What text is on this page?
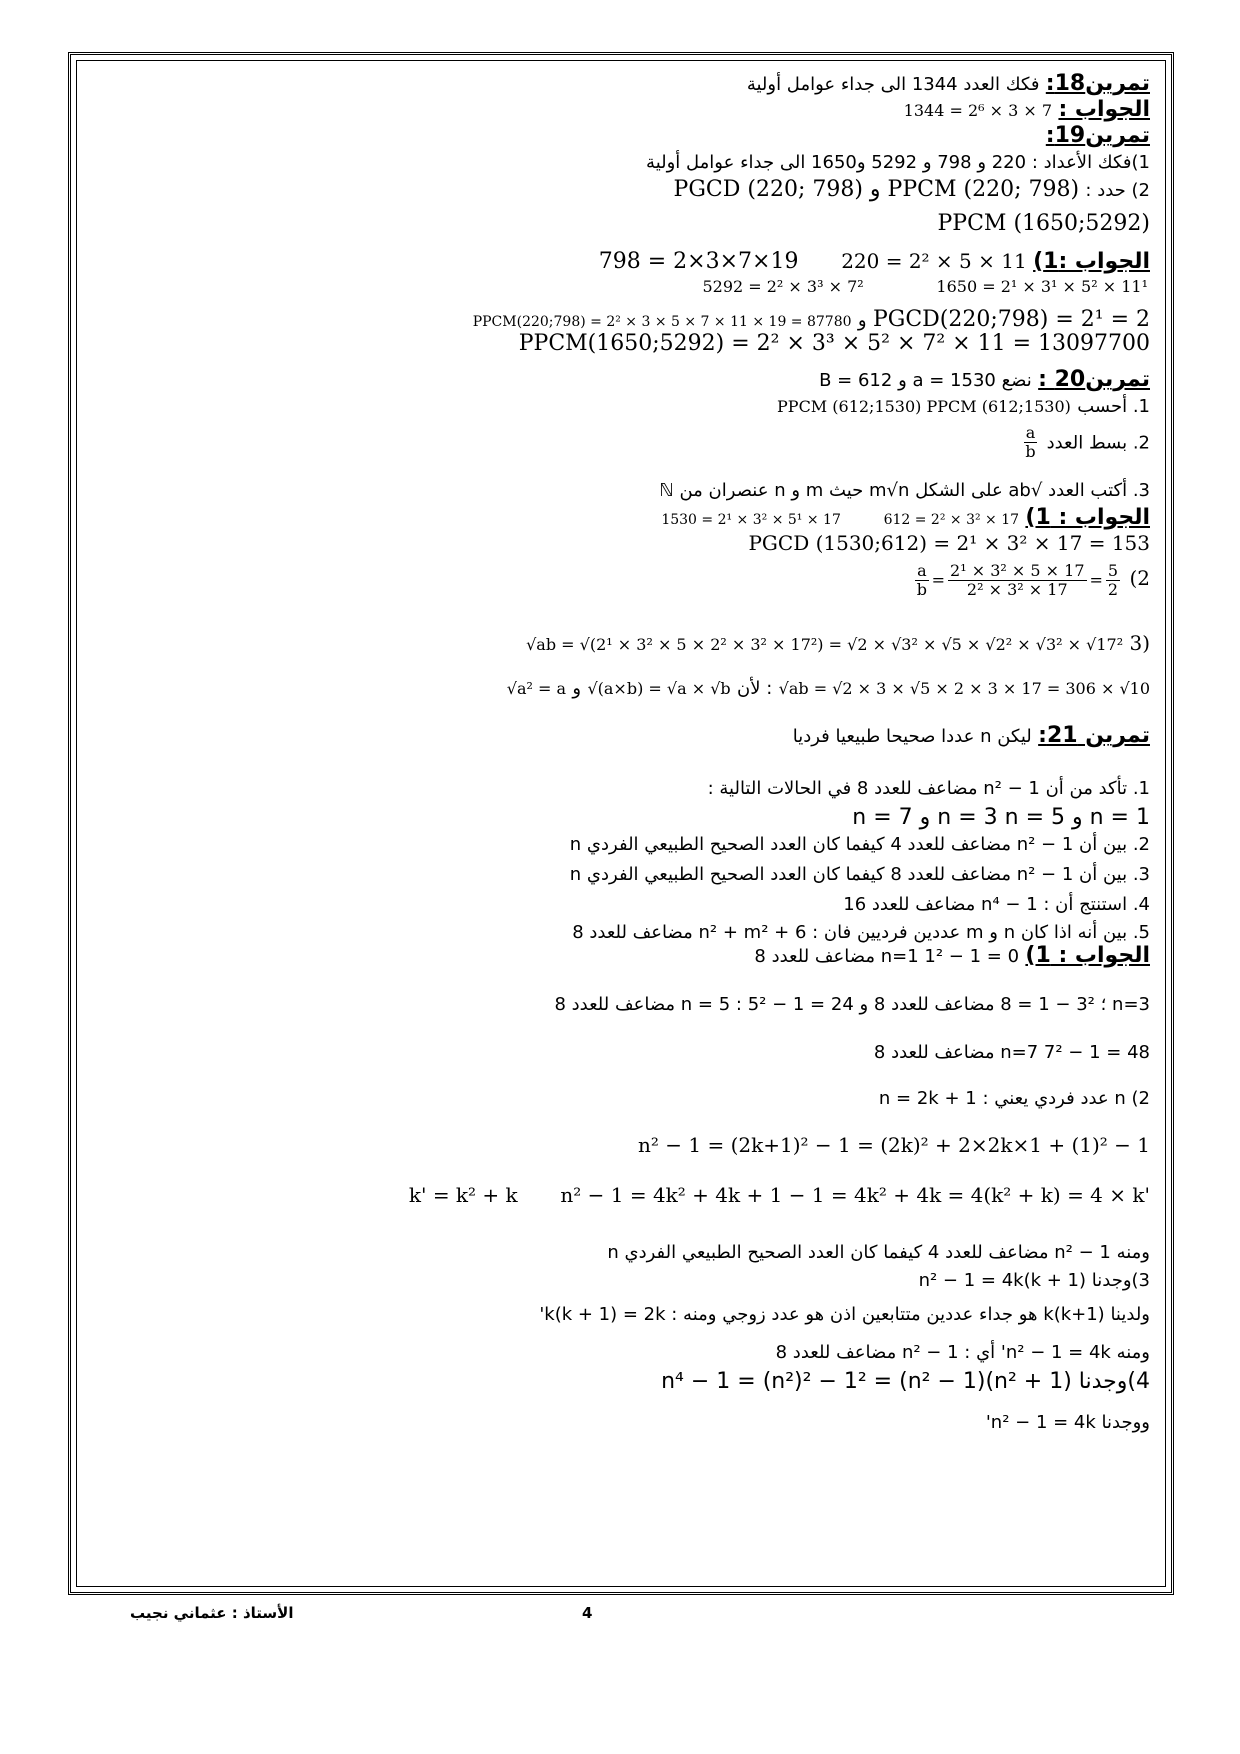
تمرين18: فكك العدد 1344 الى جداء عوامل أولية
الجواب : 1344 = 2⁶ × 3 × 7
تمرين19:
1)فكك الأعداد : 220 و 798 و 5292 و1650 الى جداء عوامل أولية
2) حدد : PGCD (220; 798) و PPCM (220; 798)
PPCM (1650;5292)
الجواب :1) 220 = 2² × 5 × 11  798 = 2×3×7×19
1650 = 2¹ × 3¹ × 5² × 11¹  5292 = 2² × 3³ × 7²
PGCD(220;798) = 2¹ = 2 و PPCM(220;798) = 2² × 3 × 5 × 7 × 11 × 19 = 87780
PPCM(1650;5292) = 2² × 3³ × 5² × 7² × 11 = 13097700
تمرين20 : نضع a = 1530 و B = 612
1. أحسب PPCM (612;1530) PPCM (612;1530)
2. بسط العدد
$\frac{a}{b}$
3. أكتب العدد √ab على الشكل m√n حيث m و n عنصران من ℕ
الجواب : 1) 612 = 2² × 3² × 17  1530 = 2¹ × 3² × 5¹ × 17
PGCD (1530;612) = 2¹ × 3² × 17 = 153
(2
$\frac{a}{b} = \frac{\text{2¹ × 3² × 5 × 17}}{\text{2² × 3² × 17}} = \frac{5}{2}$
3) √ab = √(2¹ × 3² × 5 × 2² × 3² × 17²) = √2 × √3² × √5 × √2² × √3² × √17²
√ab = √2 × 3 × √5 × 2 × 3 × 17 = 306 × √10 : لأن √(a×b) = √a × √b و √a² = a
تمرين 21: ليكن n عددا صحيحا طبيعيا فرديا
1. تأكد من أن n² − 1 مضاعف للعدد 8 في الحالات التالية :
n = 1 و n = 3 n = 5 و n = 7
2. بين أن n² − 1 مضاعف للعدد 4 كيفما كان العدد الصحيح الطبيعي الفردي n
3. بين أن n² − 1 مضاعف للعدد 8 كيفما كان العدد الصحيح الطبيعي الفردي n
4. استنتج أن : n⁴ − 1 مضاعف للعدد 16
5. بين أنه اذا كان n و m عددين فرديين فان : n² + m² + 6 مضاعف للعدد 8
الجواب : 1) n=1 1² − 1 = 0 مضاعف للعدد 8
n=3 ؛ 3² − 1 = 8 مضاعف للعدد 8 و n = 5 : 5² − 1 = 24 مضاعف للعدد 8
n=7 7² − 1 = 48 مضاعف للعدد 8
2) n عدد فردي يعني : n = 2k + 1
n² − 1 = (2k+1)² − 1 = (2k)² + 2×2k×1 + (1)² − 1
n² − 1 = 4k² + 4k + 1 − 1 = 4k² + 4k = 4(k² + k) = 4 × k'  k' = k² + k
ومنه n² − 1 مضاعف للعدد 4 كيفما كان العدد الصحيح الطبيعي الفردي n
3)وجدنا n² − 1 = 4k(k + 1)
ولدينا k(k+1) هو جداء عددين متتابعين اذن هو عدد زوجي ومنه : k(k + 1) = 2k'
ومنه n² − 1 = 4k' أي : n² − 1 مضاعف للعدد 8
4)وجدنا n⁴ − 1 = (n²)² − 1² = (n² − 1)(n² + 1)
ووجدنا n² − 1 = 4k'
4
الأستاذ : عثماني نجيب
